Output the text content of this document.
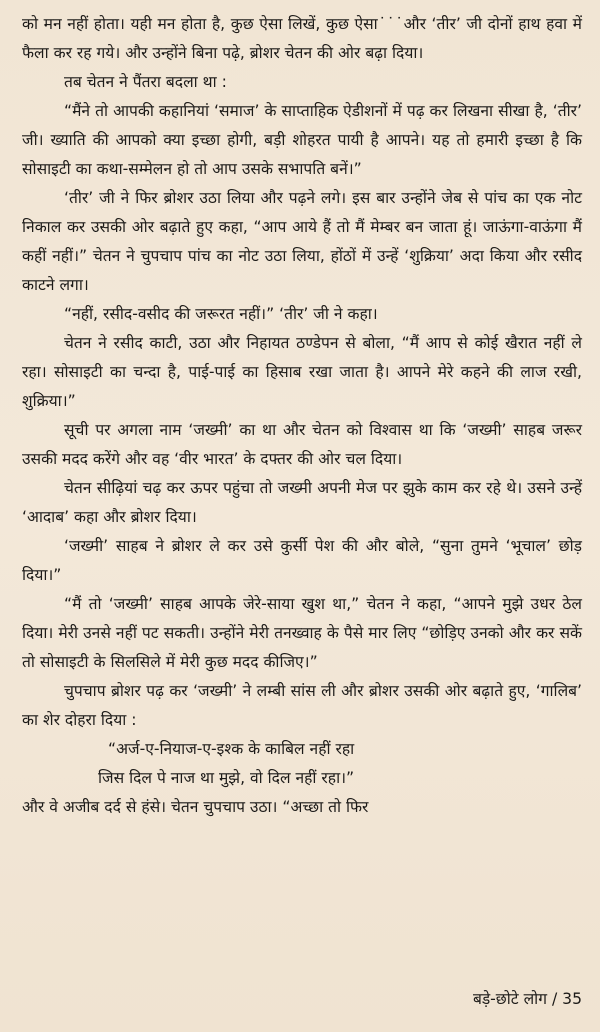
को मन नहीं होता। यही मन होता है, कुछ ऐसा लिखें, कुछ ऐसा˙˙˙और ‘तीर’ जी दोनों हाथ हवा में फैला कर रह गये। और उन्होंने बिना पढ़े, ब्रोशर चेतन की ओर बढ़ा दिया।

तब चेतन ने पैंतरा बदला था :

“मैंने तो आपकी कहानियां ‘समाज’ के साप्ताहिक ऐडीशनों में पढ़ कर लिखना सीखा है, ‘तीर’ जी। ख्याति की आपको क्या इच्छा होगी, बड़ी शोहरत पायी है आपने। यह तो हमारी इच्छा है कि सोसाइटी का कथा-सम्मेलन हो तो आप उसके सभापति बनें।”

‘तीर’ जी ने फिर ब्रोशर उठा लिया और पढ़ने लगे। इस बार उन्होंने जेब से पांच का एक नोट निकाल कर उसकी ओर बढ़ाते हुए कहा, “आप आये हैं तो मैं मेम्बर बन जाता हूं। जाऊंगा-वाऊंगा मैं कहीं नहीं।” चेतन ने चुपचाप पांच का नोट उठा लिया, होंठों में उन्हें ‘शुक्रिया’ अदा किया और रसीद काटने लगा।

“नहीं, रसीद-वसीद की जरूरत नहीं।” ‘तीर’ जी ने कहा।

चेतन ने रसीद काटी, उठा और निहायत ठण्डेपन से बोला, “मैं आप से कोई खैरात नहीं ले रहा। सोसाइटी का चन्दा है, पाई-पाई का हिसाब रखा जाता है। आपने मेरे कहने की लाज रखी, शुक्रिया।”

सूची पर अगला नाम ‘जख्मी’ का था और चेतन को विश्वास था कि ‘जख्मी’ साहब जरूर उसकी मदद करेंगे और वह ‘वीर भारत’ के दफ्तर की ओर चल दिया।

चेतन सीढ़ियां चढ़ कर ऊपर पहुंचा तो जख्मी अपनी मेज पर झुके काम कर रहे थे। उसने उन्हें ‘आदाब’ कहा और ब्रोशर दिया।

‘जख्मी’ साहब ने ब्रोशर ले कर उसे कुर्सी पेश की और बोले, “सुना तुमने ‘भूचाल’ छोड़ दिया।”

“मैं तो ‘जख्मी’ साहब आपके जेरे-साया खुश था,” चेतन ने कहा, “आपने मुझे उधर ठेल दिया। मेरी उनसे नहीं पट सकती। उन्होंने मेरी तनख्वाह के पैसे मार लिए “छोड़िए उनको और कर सकें तो सोसाइटी के सिलसिले में मेरी कुछ मदद कीजिए।”

चुपचाप ब्रोशर पढ़ कर ‘जख्मी’ ने लम्बी सांस ली और ब्रोशर उसकी ओर बढ़ाते हुए, ‘गालिब’ का शेर दोहरा दिया :

“अर्ज-ए-नियाज-ए-इश्क के काबिल नहीं रहा
जिस दिल पे नाज था मुझे, वो दिल नहीं रहा।”

और वे अजीब दर्द से हंसे। चेतन चुपचाप उठा। “अच्छा तो फिर

बड़े-छोटे लोग / 35
